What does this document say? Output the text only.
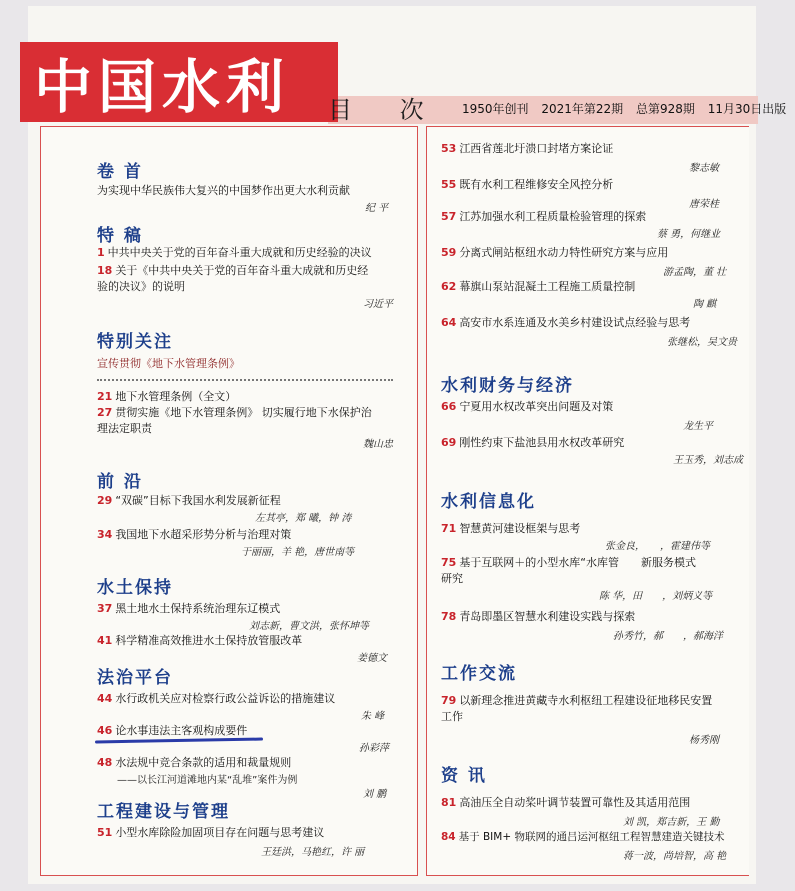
中国水利 目 次 1950年创刊 2021年第22期 总第928期 11月30日出版
卷 首
为实现中华民族伟大复兴的中国梦作出更大水利贡献
纪 平
特 稿
1 中共中央关于党的百年奋斗重大成就和历史经验的决议
18 关于《中共中央关于党的百年奋斗重大成就和历史经
验的决议》的说明
习近平
特别关注
宣传贯彻《地下水管理条例》
21 地下水管理条例（全文）
27 贯彻实施《地下水管理条例》 切实履行地下水保护治
理法定职责
魏山忠
前 沿
29 “双碳”目标下我国水利发展新征程
左其亭，郑 曦，钟 涛
34 我国地下水超采形势分析与治理对策
于丽丽，羊 艳，唐世南等
水土保持
37 黑土地水土保持系统治理东辽模式
刘志新，曹文洪，张怀坤等
41 科学精准高效推进水土保持放管服改革
姜德文
法治平台
44 水行政机关应对检察行政公益诉讼的措施建议
朱 峰
46 论水事违法主客观构成要件
孙彩萍
48 水法规中竞合条款的适用和裁量规则
——以长江河道滩地内某“乱堆”案件为例
刘 鹏
工程建设与管理
51 小型水库除险加固项目存在问题与思考建议
王廷洪，马艳红，许 丽
53 江西省莲北圩溃口封堵方案论证
黎志敏
55 既有水利工程维修安全风控分析
唐荣桂
57 江苏加强水利工程质量检验管理的探索
蔡 勇，何继业
59 分离式闸站枢纽水动力特性研究方案与应用
游孟陶，董 壮
62 幕旗山泵站混凝土工程施工质量控制
陶 麒
64 高安市水系连通及水美乡村建设试点经验与思考
张继松，吴文贵
水利财务与经济
66 宁夏用水权改革突出问题及对策
龙生平
69 刚性约束下盐池县用水权改革研究
王玉秀，刘志成
水利信息化
71 智慧黄河建设框架与思考
张金良，　　，霍建伟等
75 基于互联网＋的小型水库“水库管　　新服务模式
研究
陈 华，田　　，刘炳义等
78 青岛即墨区智慧水利建设实践与探索
孙秀竹，郝　　，郝海洋
工作交流
79 以新理念推进黄藏寺水利枢纽工程建设征地移民安置
工作
杨秀刚
资 讯
81 高油压全自动桨叶调节装置可靠性及其适用范围
刘 凯，郑吉新，王 勤
84 基于 BIM+ 物联网的通吕运河枢纽工程智慧建造关键技术
蒋一波，尚培智，高 艳
